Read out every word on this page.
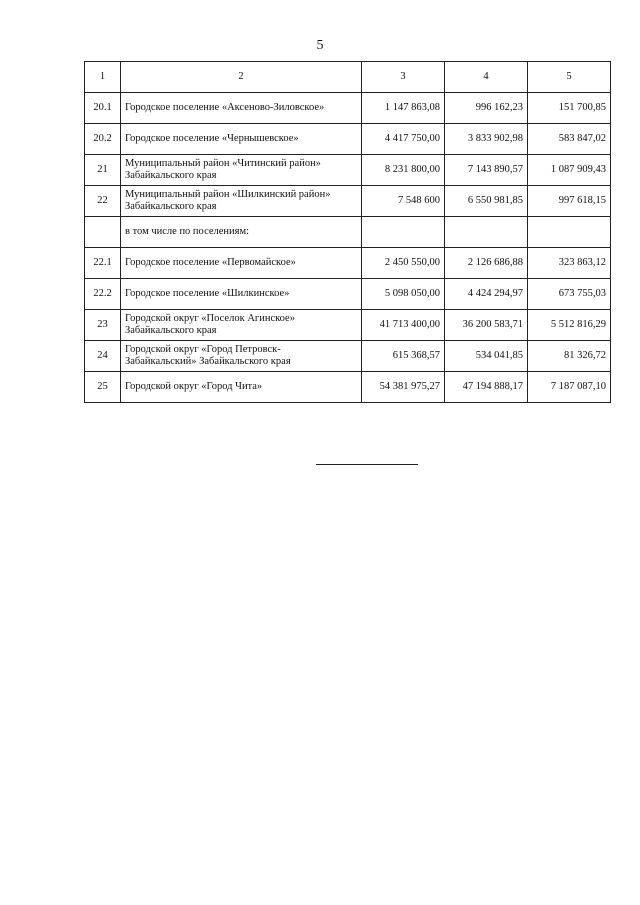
5
1	2	3	4	5
20.1	Городское поселение «Аксеново-Зиловское»	1 147 863,08	996 162,23	151 700,85
20.2	Городское поселение «Чернышевское»	4 417 750,00	3 833 902,98	583 847,02
21	Муниципальный район «Читинский район»
Забайкальского края	8 231 800,00	7 143 890,57	1 087 909,43
22	Муниципальный район «Шилкинский район»
Забайкальского края	7 548 600	6 550 981,85	997 618,15

	в том числе по поселениям:			

22.1	Городское поселение «Первомайское»	2 450 550,00	2 126 686,88	323 863,12
22.2	Городское поселение «Шилкинское»	5 098 050,00	4 424 294,97	673 755,03
23	Городской округ «Поселок Агинское»
Забайкальского края	41 713 400,00	36 200 583,71	5 512 816,29
24	Городской округ «Город Петровск-
Забайкальский» Забайкальского края	615 368,57	534 041,85	81 326,72
25	Городской округ «Город Чита»	54 381 975,27	47 194 888,17	7 187 087,10
